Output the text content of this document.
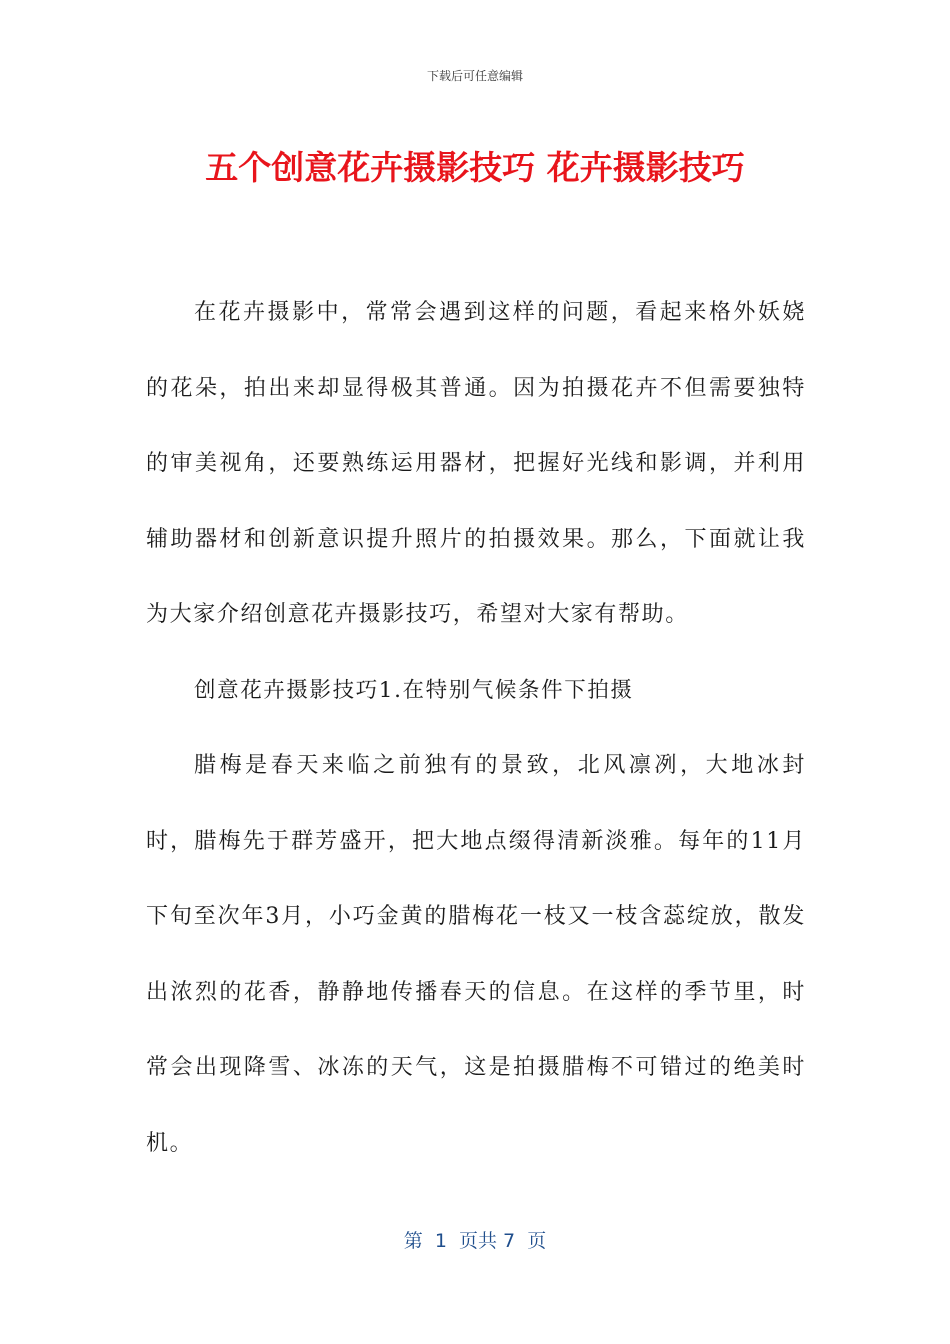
下载后可任意编辑
五个创意花卉摄影技巧 花卉摄影技巧

在花卉摄影中，常常会遇到这样的问题，看起来格外妖娆的花朵，拍出来却显得极其普通。因为拍摄花卉不但需要独特的审美视角，还要熟练运用器材，把握好光线和影调，并利用辅助器材和创新意识提升照片的拍摄效果。那么，下面就让我为大家介绍创意花卉摄影技巧，希望对大家有帮助。

创意花卉摄影技巧1.在特别气候条件下拍摄

腊梅是春天来临之前独有的景致，北风凛冽，大地冰封时，腊梅先于群芳盛开，把大地点缀得清新淡雅。每年的11月下旬至次年3月，小巧金黄的腊梅花一枝又一枝含蕊绽放，散发出浓烈的花香，静静地传播春天的信息。在这样的季节里，时常会出现降雪、冰冻的天气，这是拍摄腊梅不可错过的绝美时机。

第  1  页共 7  页
